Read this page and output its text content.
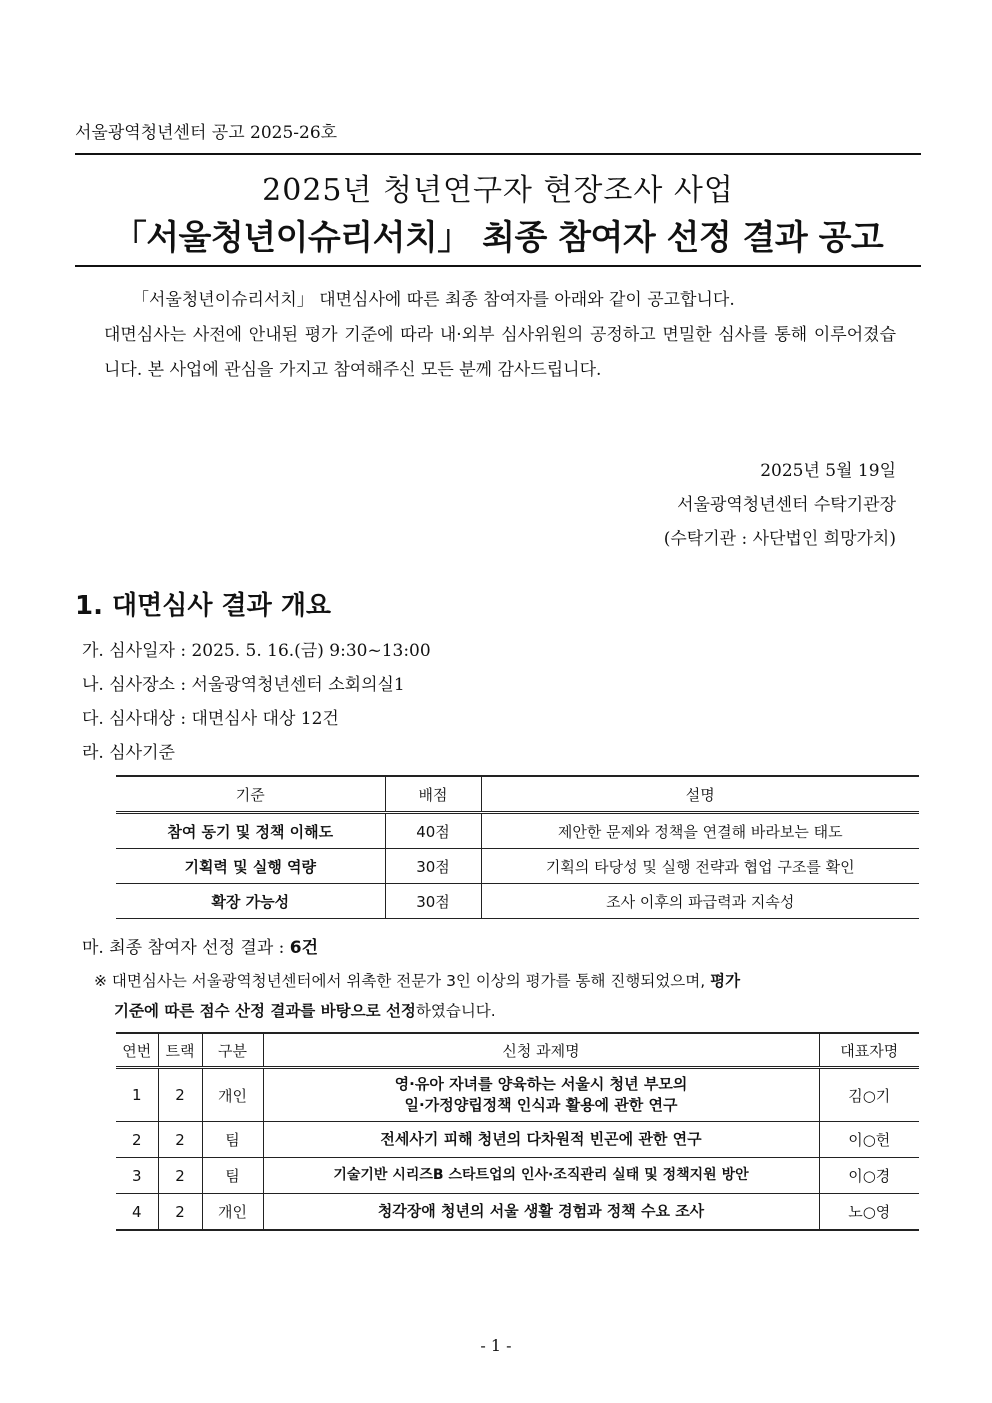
서울광역청년센터 공고 2025-26호
2025년 청년연구자 현장조사 사업
「서울청년이슈리서치」 최종 참여자 선정 결과 공고
「서울청년이슈리서치」 대면심사에 따른 최종 참여자를 아래와 같이 공고합니다.
대면심사는 사전에 안내된 평가 기준에 따라 내·외부 심사위원의 공정하고 면밀한 심사를 통해 이루어졌습니다. 본 사업에 관심을 가지고 참여해주신 모든 분께 감사드립니다.
2025년 5월 19일
서울광역청년센터 수탁기관장
(수탁기관 : 사단법인 희망가치)
1. 대면심사 결과 개요
가. 심사일자 : 2025. 5. 16.(금) 9:30~13:00
나. 심사장소 : 서울광역청년센터 소회의실1
다. 심사대상 : 대면심사 대상 12건
라. 심사기준
기준	배점	설명
참여 동기 및 정책 이해도	40점	제안한 문제와 정책을 연결해 바라보는 태도
기획력 및 실행 역량	30점	기획의 타당성 및 실행 전략과 협업 구조를 확인
확장 가능성	30점	조사 이후의 파급력과 지속성
마. 최종 참여자 선정 결과 : 6건
※ 대면심사는 서울광역청년센터에서 위촉한 전문가 3인 이상의 평가를 통해 진행되었으며, 평가
기준에 따른 점수 산정 결과를 바탕으로 선정하였습니다.
연번	트랙	구분	신청 과제명	대표자명
1	2	개인	영·유아 자녀를 양육하는 서울시 청년 부모의
일·가정양립정책 인식과 활용에 관한 연구	김○기
2	2	팀	전세사기 피해 청년의 다차원적 빈곤에 관한 연구	이○헌
3	2	팀	기술기반 시리즈B 스타트업의 인사·조직관리 실태 및 정책지원 방안	이○경
4	2	개인	청각장애 청년의 서울 생활 경험과 정책 수요 조사	노○영
- 1 -
